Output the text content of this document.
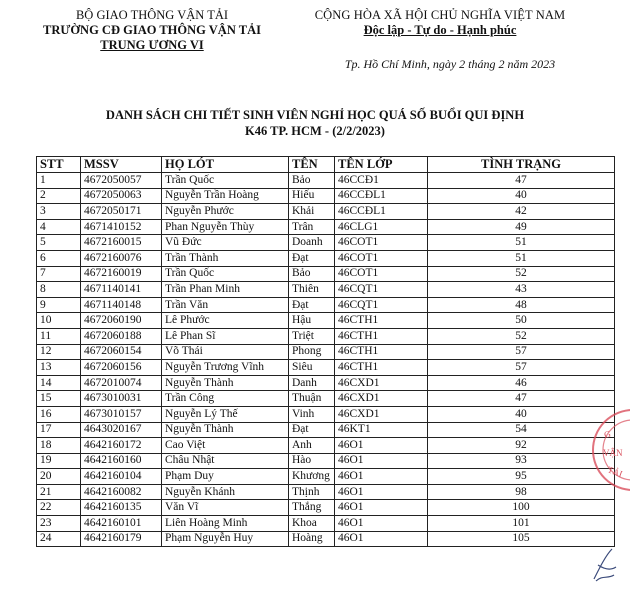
BỘ GIAO THÔNG VẬN TẢI
TRƯỜNG CĐ GIAO THÔNG VẬN TẢI
TRUNG ƯƠNG VI
CỘNG HÒA XÃ HỘI CHỦ NGHĨA VIỆT NAM
Độc lập - Tự do - Hạnh phúc
Tp. Hồ Chí Minh, ngày 2 tháng 2 năm 2023
DANH SÁCH CHI TIẾT SINH VIÊN NGHỈ HỌC QUÁ SỐ BUỔI QUI ĐỊNH
K46 TP. HCM - (2/2/2023)
STT	MSSV	HỌ LÓT	TÊN	TÊN LỚP	TÌNH TRẠNG
1	4672050057	Trần Quốc	Bảo	46CCĐ1	47
2	4672050063	Nguyễn Trần Hoàng	Hiếu	46CCĐL1	40
3	4672050171	Nguyễn Phước	Khải	46CCĐL1	42
4	4671410152	Phan Nguyễn Thùy	Trân	46CLG1	49
5	4672160015	Vũ Đức	Doanh	46COT1	51
6	4672160076	Trần Thành	Đạt	46COT1	51
7	4672160019	Trần Quốc	Bảo	46COT1	52
8	4671140141	Trần Phan Minh	Thiên	46CQT1	43
9	4671140148	Trần Văn	Đạt	46CQT1	48
10	4672060190	Lê Phước	Hậu	46CTH1	50
11	4672060188	Lê Phan Sĩ	Triệt	46CTH1	52
12	4672060154	Võ Thái	Phong	46CTH1	57
13	4672060156	Nguyễn Trương Vĩnh	Siêu	46CTH1	57
14	4672010074	Nguyễn Thành	Danh	46CXD1	46
15	4673010031	Trần Công	Thuận	46CXD1	47
16	4673010157	Nguyễn Lý Thế	Vinh	46CXD1	40
17	4643020167	Nguyễn Thành	Đạt	46KT1	54
18	4642160172	Cao Việt	Anh	46O1	92
19	4642160160	Châu Nhật	Hào	46O1	93
20	4642160104	Phạm Duy	Khương	46O1	95
21	4642160082	Nguyễn Khánh	Thịnh	46O1	98
22	4642160135	Văn Vĩ	Thắng	46O1	100
23	4642160101	Liên Hoàng Minh	Khoa	46O1	101
24	4642160179	Phạm Nguyễn Huy	Hoàng	46O1	105
G
VẬN
TẢI
